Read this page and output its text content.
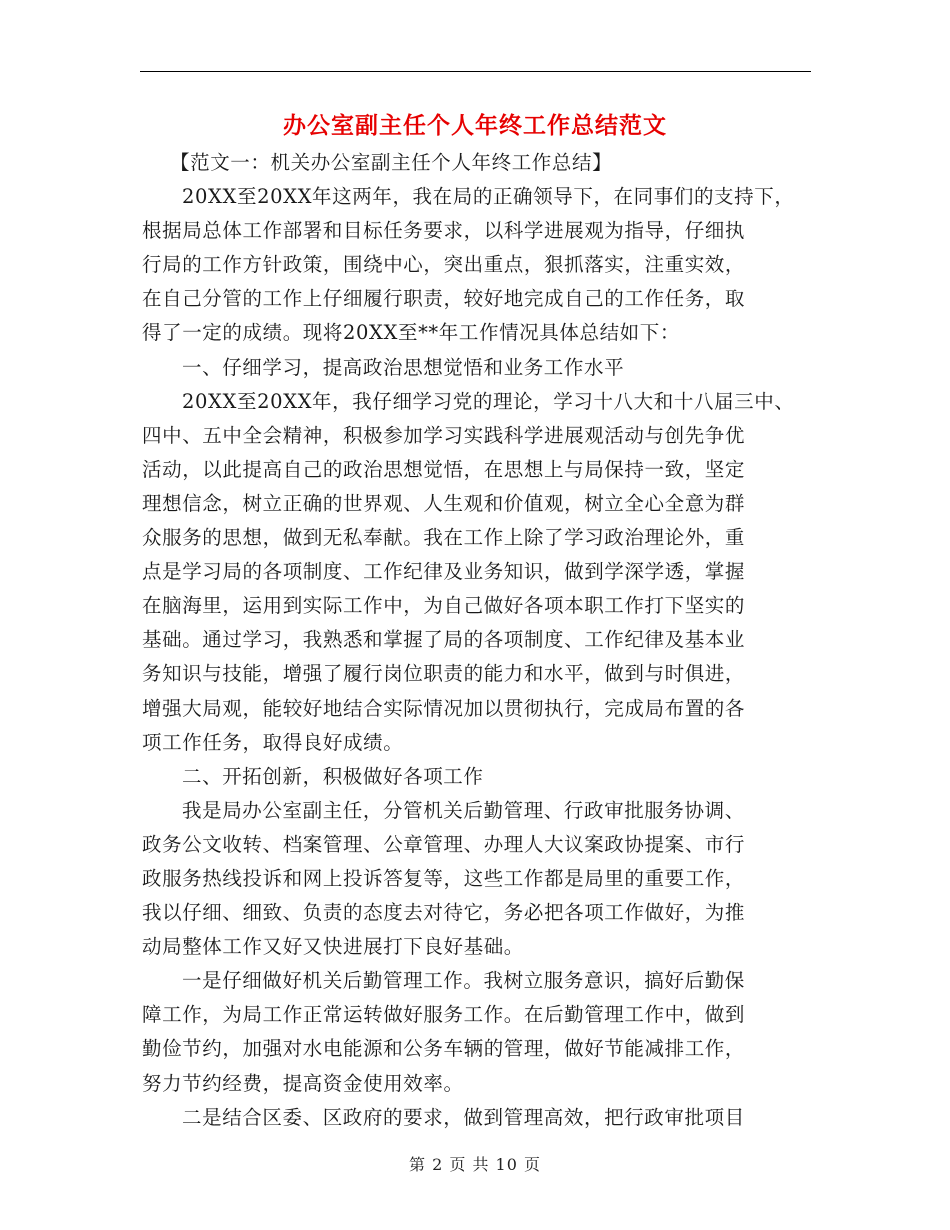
办公室副主任个人年终工作总结范文
【范文一：机关办公室副主任个人年终工作总结】
20XX至20XX年这两年，我在局的正确领导下，在同事们的支持下，
根据局总体工作部署和目标任务要求，以科学进展观为指导，仔细执
行局的工作方针政策，围绕中心，突出重点，狠抓落实，注重实效，
在自己分管的工作上仔细履行职责，较好地完成自己的工作任务，取
得了一定的成绩。现将20XX至**年工作情况具体总结如下：
一、仔细学习，提高政治思想觉悟和业务工作水平
20XX至20XX年，我仔细学习党的理论，学习十八大和十八届三中、
四中、五中全会精神，积极参加学习实践科学进展观活动与创先争优
活动，以此提高自己的政治思想觉悟，在思想上与局保持一致，坚定
理想信念，树立正确的世界观、人生观和价值观，树立全心全意为群
众服务的思想，做到无私奉献。我在工作上除了学习政治理论外，重
点是学习局的各项制度、工作纪律及业务知识，做到学深学透，掌握
在脑海里，运用到实际工作中，为自己做好各项本职工作打下坚实的
基础。通过学习，我熟悉和掌握了局的各项制度、工作纪律及基本业
务知识与技能，增强了履行岗位职责的能力和水平，做到与时俱进，
增强大局观，能较好地结合实际情况加以贯彻执行，完成局布置的各
项工作任务，取得良好成绩。
二、开拓创新，积极做好各项工作
我是局办公室副主任，分管机关后勤管理、行政审批服务协调、
政务公文收转、档案管理、公章管理、办理人大议案政协提案、市行
政服务热线投诉和网上投诉答复等，这些工作都是局里的重要工作，
我以仔细、细致、负责的态度去对待它，务必把各项工作做好，为推
动局整体工作又好又快进展打下良好基础。
一是仔细做好机关后勤管理工作。我树立服务意识，搞好后勤保
障工作，为局工作正常运转做好服务工作。在后勤管理工作中，做到
勤俭节约，加强对水电能源和公务车辆的管理，做好节能减排工作，
努力节约经费，提高资金使用效率。
二是结合区委、区政府的要求，做到管理高效，把行政审批项目
第 2 页 共 10 页
